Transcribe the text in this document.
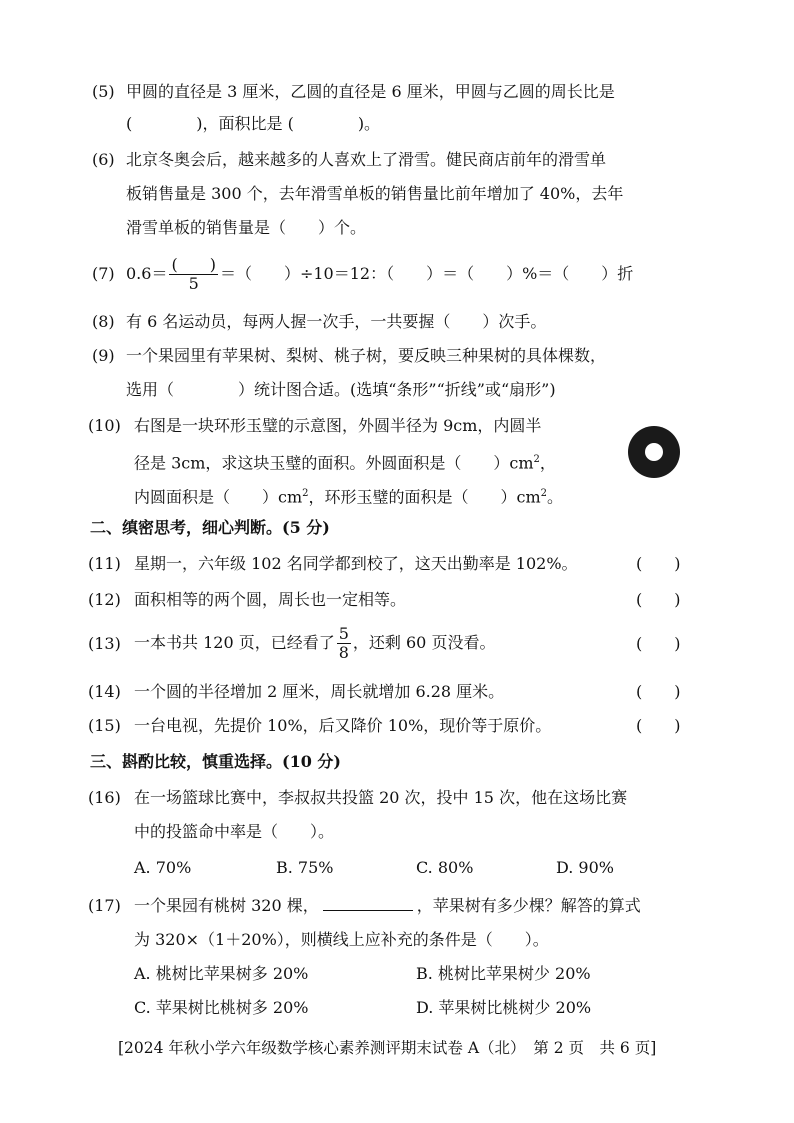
(5) 甲圆的直径是 3 厘米，乙圆的直径是 6 厘米，甲圆与乙圆的周长比是
(　　　　)，面积比是 (　　　　)。
(6) 北京冬奥会后，越来越多的人喜欢上了滑雪。健民商店前年的滑雪单
板销售量是 300 个，去年滑雪单板的销售量比前年增加了 40%，去年
滑雪单板的销售量是（　　）个。
(7) $0.6= \frac{( )}{5}$ ＝（　　）÷10＝12：（　　）＝（　　）%＝（　　）折
(8) 有 6 名运动员，每两人握一次手，一共要握（　　）次手。
(9) 一个果园里有苹果树、梨树、桃子树，要反映三种果树的具体棵数，
选用（　　　　）统计图合适。(选填“条形”“折线”或“扇形”)
(10) 右图是一块环形玉璧的示意图，外圆半径为 9cm，内圆半
径是 3cm，求这块玉璧的面积。外圆面积是（　　）$cm^2$，
内圆面积是（　　）$cm^2$，环形玉璧的面积是（　　）$cm^2$。
二、缜密思考，细心判断。(5 分)
(11) 星期一，六年级 102 名同学都到校了，这天出勤率是 102%。	(　　)
(12) 面积相等的两个圆，周长也一定相等。	(　　)
(13) 一本书共 120 页，已经看了 $\frac{5}{8}$ ，还剩 60 页没看。	(　　)
(14) 一个圆的半径增加 2 厘米，周长就增加 6.28 厘米。	(　　)
(15) 一台电视，先提价 10%，后又降价 10%，现价等于原价。	(　　)
三、斟酌比较，慎重选择。(10 分)
(16) 在一场篮球比赛中，李叔叔共投篮 20 次，投中 15 次，他在这场比赛
中的投篮命中率是（　　）。
A. 70%	B. 75%	C. 80%	D. 90%
(17) 一个果园有桃树 320 棵，	，苹果树有多少棵？解答的算式
为 320×（1＋20%），则横线上应补充的条件是（　　）。
A. 桃树比苹果树多 20%	B. 桃树比苹果树少 20%
C. 苹果树比桃树多 20%	D. 苹果树比桃树少 20%
[2024 年秋小学六年级数学核心素养测评期末试卷 A（北）　第 2 页　共 6 页]
